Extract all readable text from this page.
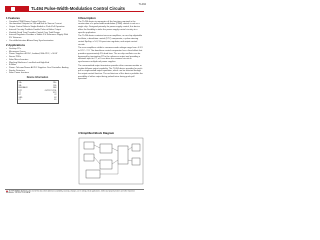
TL494
TL494 Pulse-Width-Modulation Control Circuits
1 Features
• Complete PWM Power-Control Circuitry
• Uncommitted Outputs for 200-mA Sink or Source Current
• Output Control Selects Single-Ended or Push-Pull Operation
• Internal Circuitry Prohibits Double Pulse at Either Output
• Variable Dead Time Provides Control Over Total Range
• Internal Regulator Provides a Stable 5-V Reference Supply With 5% Tolerance
• Circuit Architecture Allows Easy Synchronization
2 Applications
• Desktop PCs
• Microwave Ovens
• Power Supplies: AC/DC, Isolated, With PFC, > 90 W
• Server PSUs
• Solar Micro-Inverters
• Washing Machines: Low-End and High-End
• E-Bikes
• Power: Telecom/Server AC/DC Supplies: Dual Controller: Analog
• Smoke Detectors
• Solar Power Inverters
Device Information
1IN+	2IN+
1IN-	2IN-
FEEDBACK	REF
DTC	OUTPUT CTRL
CT	VCC
RT	C2
GND	E2
C1	E1
3 Description
The TL494 device incorporates all the functions required in the construction of a pulse-width-modulation (PWM) control circuit on a single chip. Designed primarily for power-supply control, this device offers the flexibility to tailor the power-supply control circuitry to a specific application.
The TL494 device contains two error amplifiers, an on-chip adjustable oscillator, a dead-time control (DTC) comparator, a pulse-steering control flip-flop, a 5-V, 5%-precision regulator, and output-control circuits.
The error amplifiers exhibit a common-mode voltage range from -0.3 V to VCC - 2 V. The dead-time control comparator has a fixed offset that provides approximately 5% dead time. The on-chip oscillator can be bypassed by terminating RT to the reference output and providing a sawtooth input to CT, or it can drive the common circuits in synchronous multiple-rail power supplies.
The uncommitted output transistors provide either common-emitter or emitter-follower output capability. The TL494 device provides for push-pull or single-ended output operation, which can be selected through the output-control function. The architecture of this device prohibits the possibility of either output being pulsed twice during push-pull operation.
4 Simplified Block Diagram
An IMPORTANT NOTICE at the end of this data sheet addresses availability, warranty, changes, use in safety-critical applications, intellectual property matters and other important disclaimers. PRODUCTION DATA.
